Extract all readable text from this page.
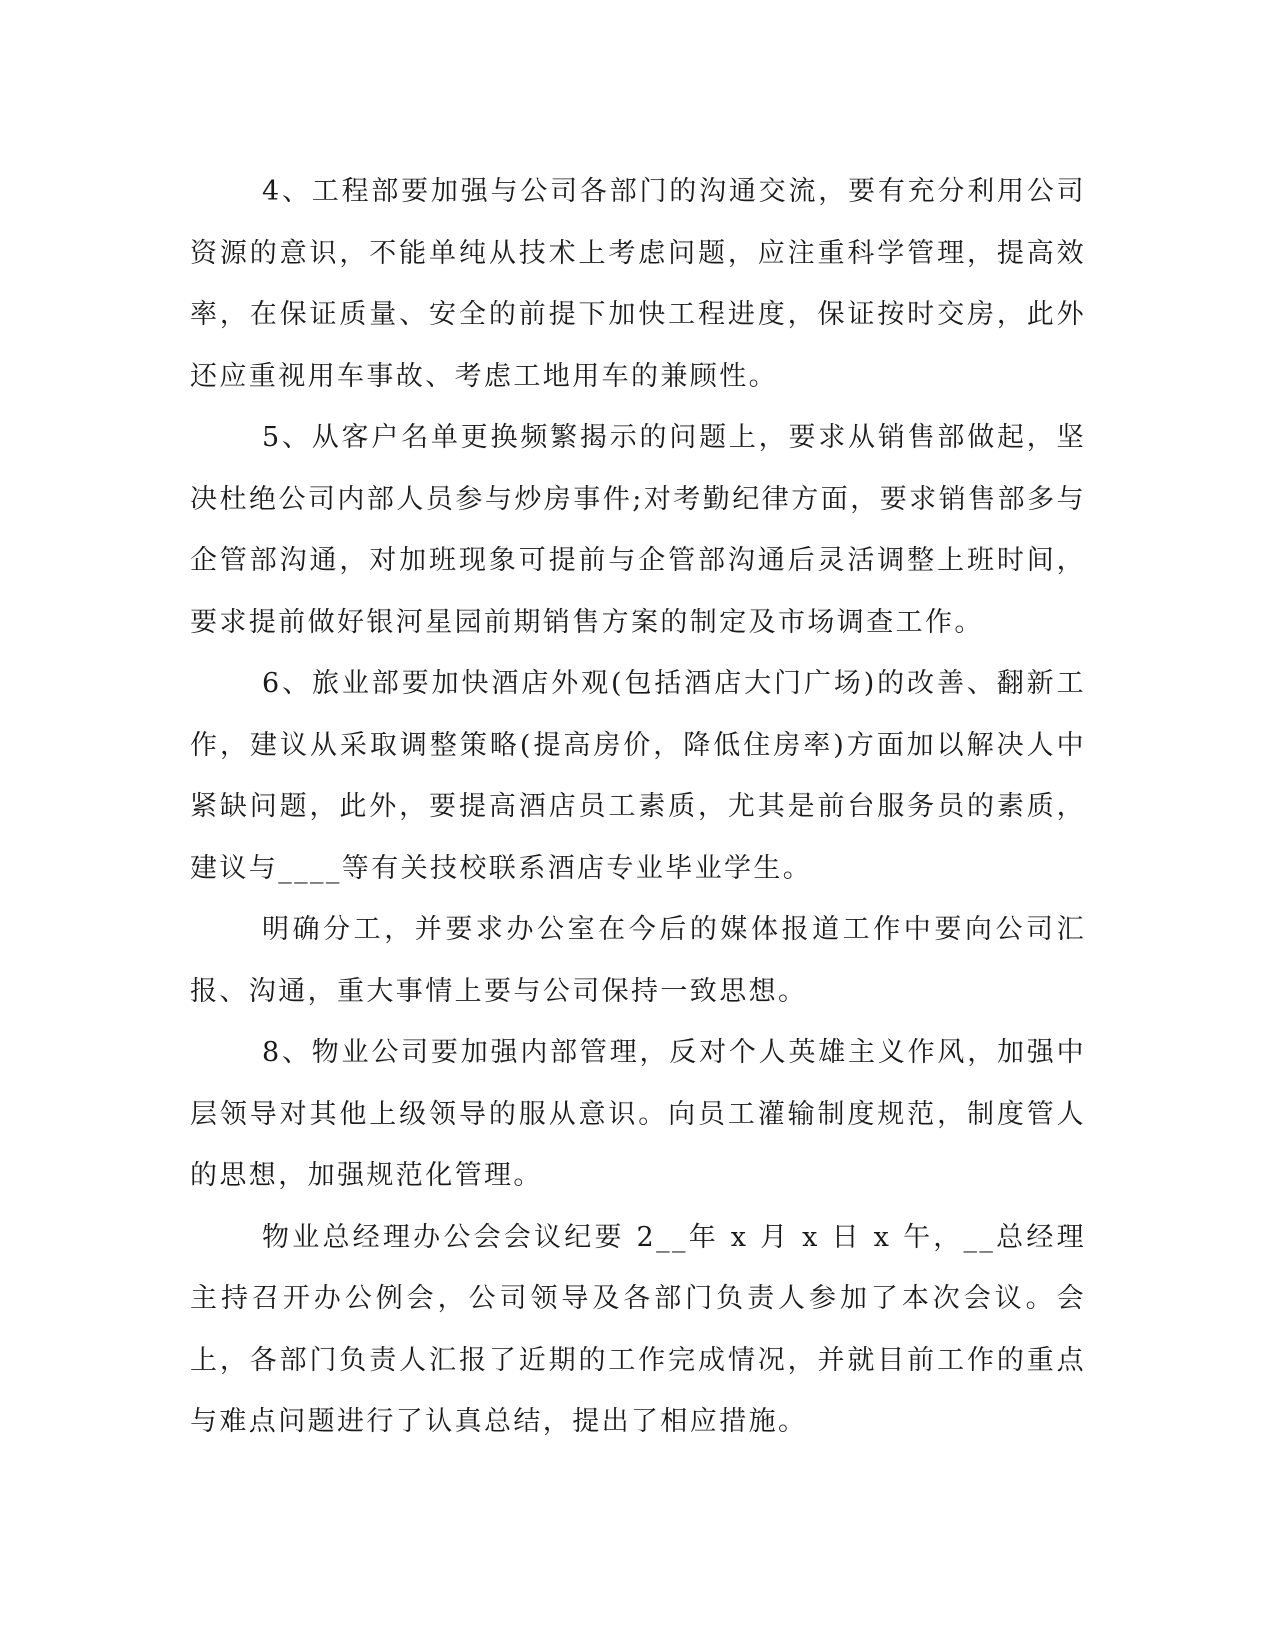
4、工程部要加强与公司各部门的沟通交流，要有充分利用公司资源的意识，不能单纯从技术上考虑问题，应注重科学管理，提高效率，在保证质量、安全的前提下加快工程进度，保证按时交房，此外还应重视用车事故、考虑工地用车的兼顾性。

5、从客户名单更换频繁揭示的问题上，要求从销售部做起，坚决杜绝公司内部人员参与炒房事件;对考勤纪律方面，要求销售部多与企管部沟通，对加班现象可提前与企管部沟通后灵活调整上班时间，要求提前做好银河星园前期销售方案的制定及市场调查工作。

6、旅业部要加快酒店外观(包括酒店大门广场)的改善、翻新工作，建议从采取调整策略(提高房价，降低住房率)方面加以解决人中紧缺问题，此外，要提高酒店员工素质，尤其是前台服务员的素质，建议与____等有关技校联系酒店专业毕业学生。

明确分工，并要求办公室在今后的媒体报道工作中要向公司汇报、沟通，重大事情上要与公司保持一致思想。

8、物业公司要加强内部管理，反对个人英雄主义作风，加强中层领导对其他上级领导的服从意识。向员工灌输制度规范，制度管人的思想，加强规范化管理。

物业总经理办公会会议纪要 2__年 x 月 x 日 x 午，__总经理主持召开办公例会，公司领导及各部门负责人参加了本次会议。会上，各部门负责人汇报了近期的工作完成情况，并就目前工作的重点与难点问题进行了认真总结，提出了相应措施。
